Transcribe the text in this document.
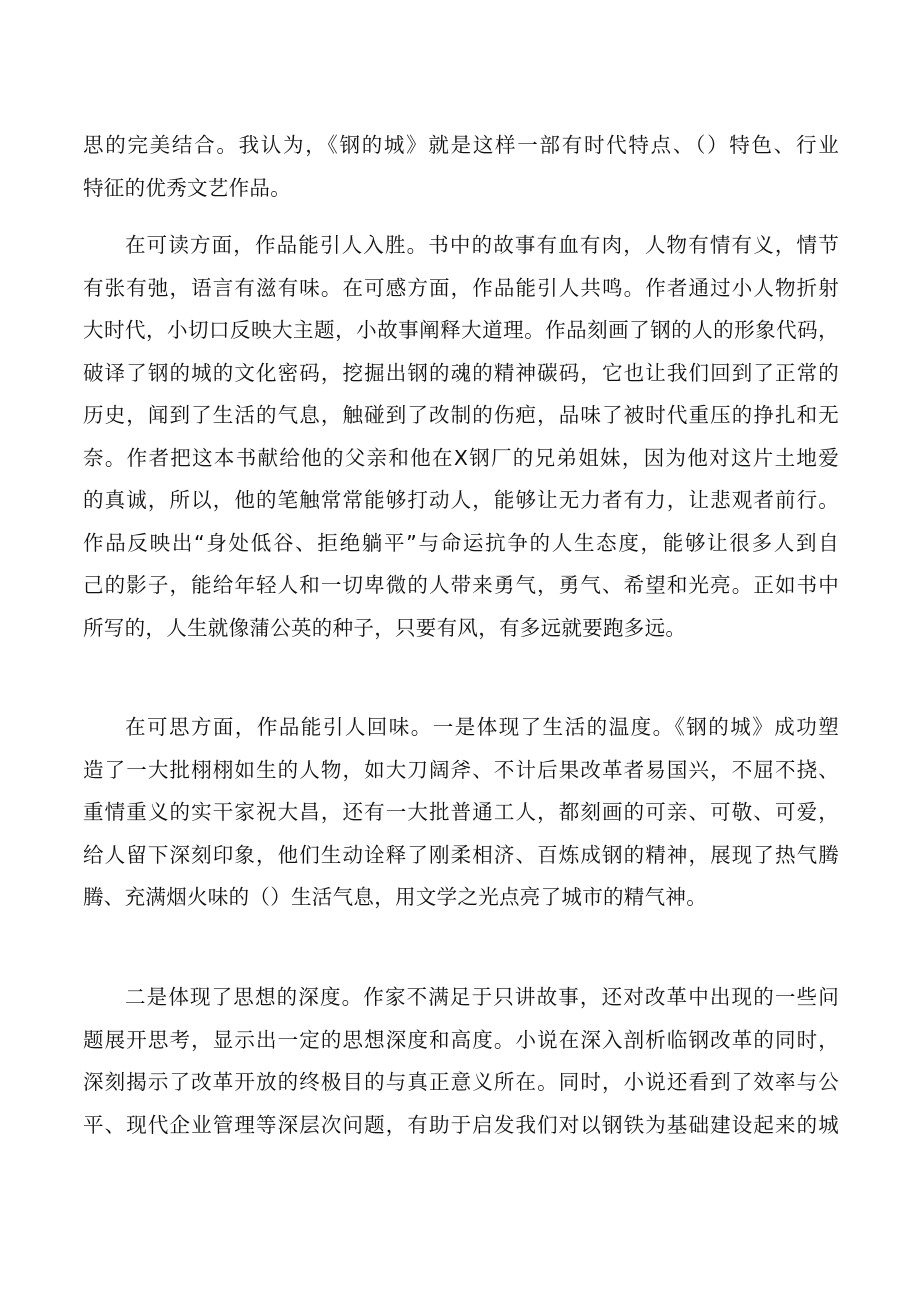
思的完美结合。我认为，《钢的城》就是这样一部有时代特点、（）特色、行业
特征的优秀文艺作品。
在可读方面，作品能引人入胜。书中的故事有血有肉，人物有情有义，情节
有张有弛，语言有滋有味。在可感方面，作品能引人共鸣。作者通过小人物折射
大时代，小切口反映大主题，小故事阐释大道理。作品刻画了钢的人的形象代码，
破译了钢的城的文化密码，挖掘出钢的魂的精神碳码，它也让我们回到了正常的
历史，闻到了生活的气息，触碰到了改制的伤疤，品味了被时代重压的挣扎和无
奈。作者把这本书献给他的父亲和他在X钢厂的兄弟姐妹，因为他对这片土地爱
的真诚，所以，他的笔触常常能够打动人，能够让无力者有力，让悲观者前行。
作品反映出“身处低谷、拒绝躺平”与命运抗争的人生态度，能够让很多人到自
己的影子，能给年轻人和一切卑微的人带来勇气，勇气、希望和光亮。正如书中
所写的，人生就像蒲公英的种子，只要有风，有多远就要跑多远。
在可思方面，作品能引人回味。一是体现了生活的温度。《钢的城》成功塑
造了一大批栩栩如生的人物，如大刀阔斧、不计后果改革者易国兴，不屈不挠、
重情重义的实干家祝大昌，还有一大批普通工人，都刻画的可亲、可敬、可爱，
给人留下深刻印象，他们生动诠释了刚柔相济、百炼成钢的精神，展现了热气腾
腾、充满烟火味的（）生活气息，用文学之光点亮了城市的精气神。
二是体现了思想的深度。作家不满足于只讲故事，还对改革中出现的一些问
题展开思考，显示出一定的思想深度和高度。小说在深入剖析临钢改革的同时，
深刻揭示了改革开放的终极目的与真正意义所在。同时，小说还看到了效率与公
平、现代企业管理等深层次问题，有助于启发我们对以钢铁为基础建设起来的城
